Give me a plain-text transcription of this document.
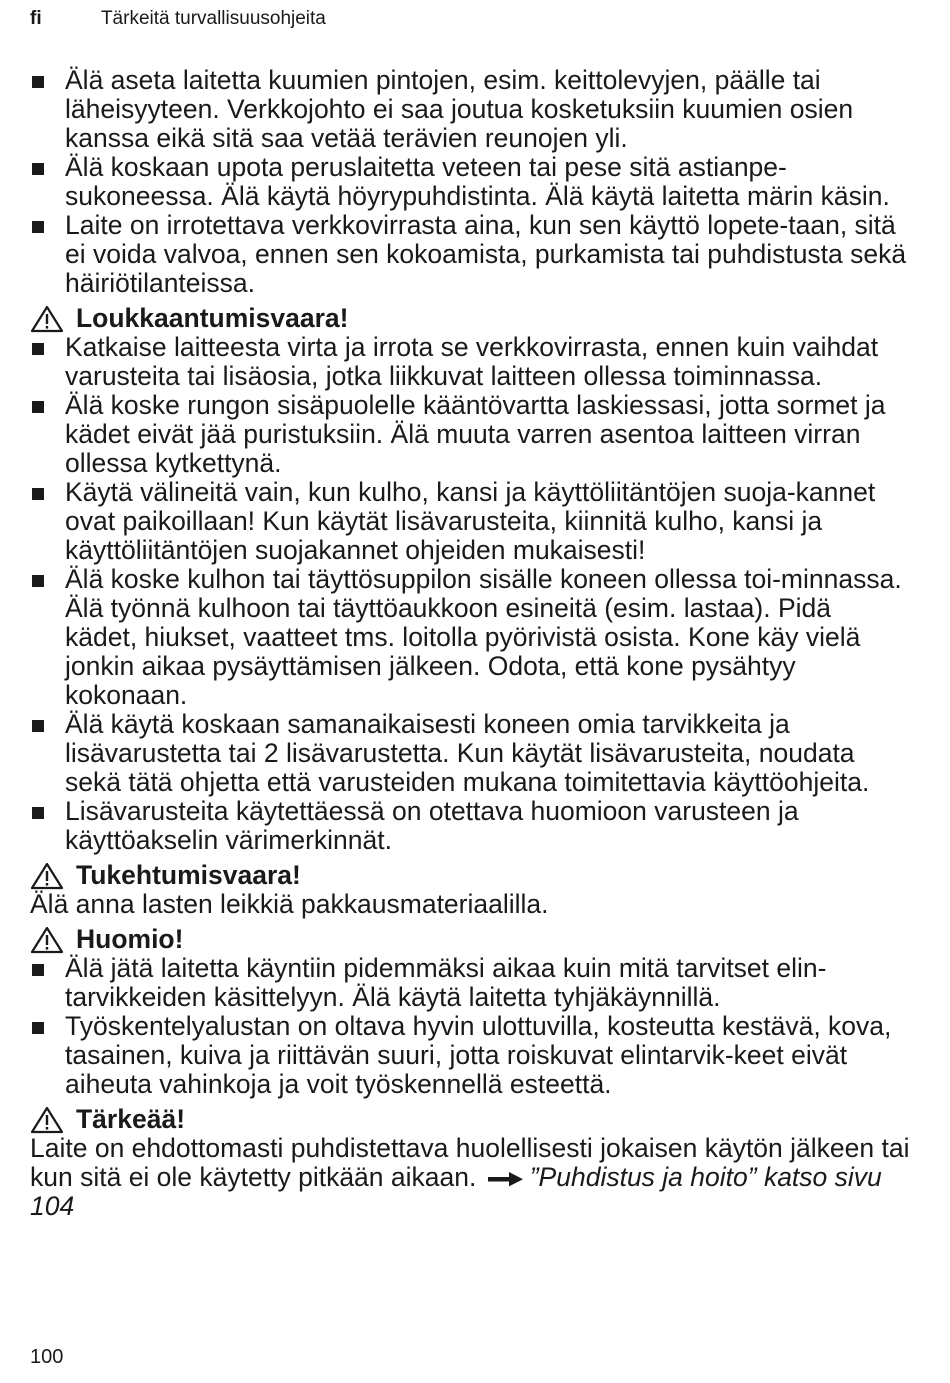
fi	Tärkeitä turvallisuusohjeita
Älä aseta laitetta kuumien pintojen, esim. keittolevyjen, päälle tai läheisyyteen. Verkkojohto ei saa joutua kosketuksiin kuumien osien kanssa eikä sitä saa vetää terävien reunojen yli.
Älä koskaan upota peruslaitetta veteen tai pese sitä astianpe-sukoneessa. Älä käytä höyrypuhdistinta. Älä käytä laitetta märin käsin.
Laite on irrotettava verkkovirrasta aina, kun sen käyttö lopete-taan, sitä ei voida valvoa, ennen sen kokoamista, purkamista tai puhdistusta sekä häiriötilanteissa.
Loukkaantumisvaara!
Katkaise laitteesta virta ja irrota se verkkovirrasta, ennen kuin vaihdat varusteita tai lisäosia, jotka liikkuvat laitteen ollessa toiminnassa.
Älä koske rungon sisäpuolelle kääntövartta laskiessasi, jotta sormet ja kädet eivät jää puristuksiin. Älä muuta varren asentoa laitteen virran ollessa kytkettynä.
Käytä välineitä vain, kun kulho, kansi ja käyttöliitäntöjen suoja-kannet ovat paikoillaan! Kun käytät lisävarusteita, kiinnitä kulho, kansi ja käyttöliitäntöjen suojakannet ohjeiden mukaisesti!
Älä koske kulhon tai täyttösuppilon sisälle koneen ollessa toi-minnassa. Älä työnnä kulhoon tai täyttöaukkoon esineitä (esim. lastaa). Pidä kädet, hiukset, vaatteet tms. loitolla pyörivistä osista. Kone käy vielä jonkin aikaa pysäyttämisen jälkeen. Odota, että kone pysähtyy kokonaan.
Älä käytä koskaan samanaikaisesti koneen omia tarvikkeita ja lisävarustetta tai 2 lisävarustetta. Kun käytät lisävarusteita, noudata sekä tätä ohjetta että varusteiden mukana toimitettavia käyttöohjeita.
Lisävarusteita käytettäessä on otettava huomioon varusteen ja käyttöakselin värimerkinnät.
Tukehtumisvaara!

Älä anna lasten leikkiä pakkausmateriaalilla.

Huomio!
Älä jätä laitetta käyntiin pidemmäksi aikaa kuin mitä tarvitset elin-tarvikkeiden käsittelyyn. Älä käytä laitetta tyhjäkäynnillä.
Työskentelyalustan on oltava hyvin ulottuvilla, kosteutta kestävä, kova, tasainen, kuiva ja riittävän suuri, jotta roiskuvat elintarvik-keet eivät aiheuta vahinkoja ja voit työskennellä esteettä.
Tärkeää!

Laite on ehdottomasti puhdistettava huolellisesti jokaisen käytön jälkeen tai kun sitä ei ole käytetty pitkään aikaan. ”Puhdistus ja hoito” katso sivu 104

100
